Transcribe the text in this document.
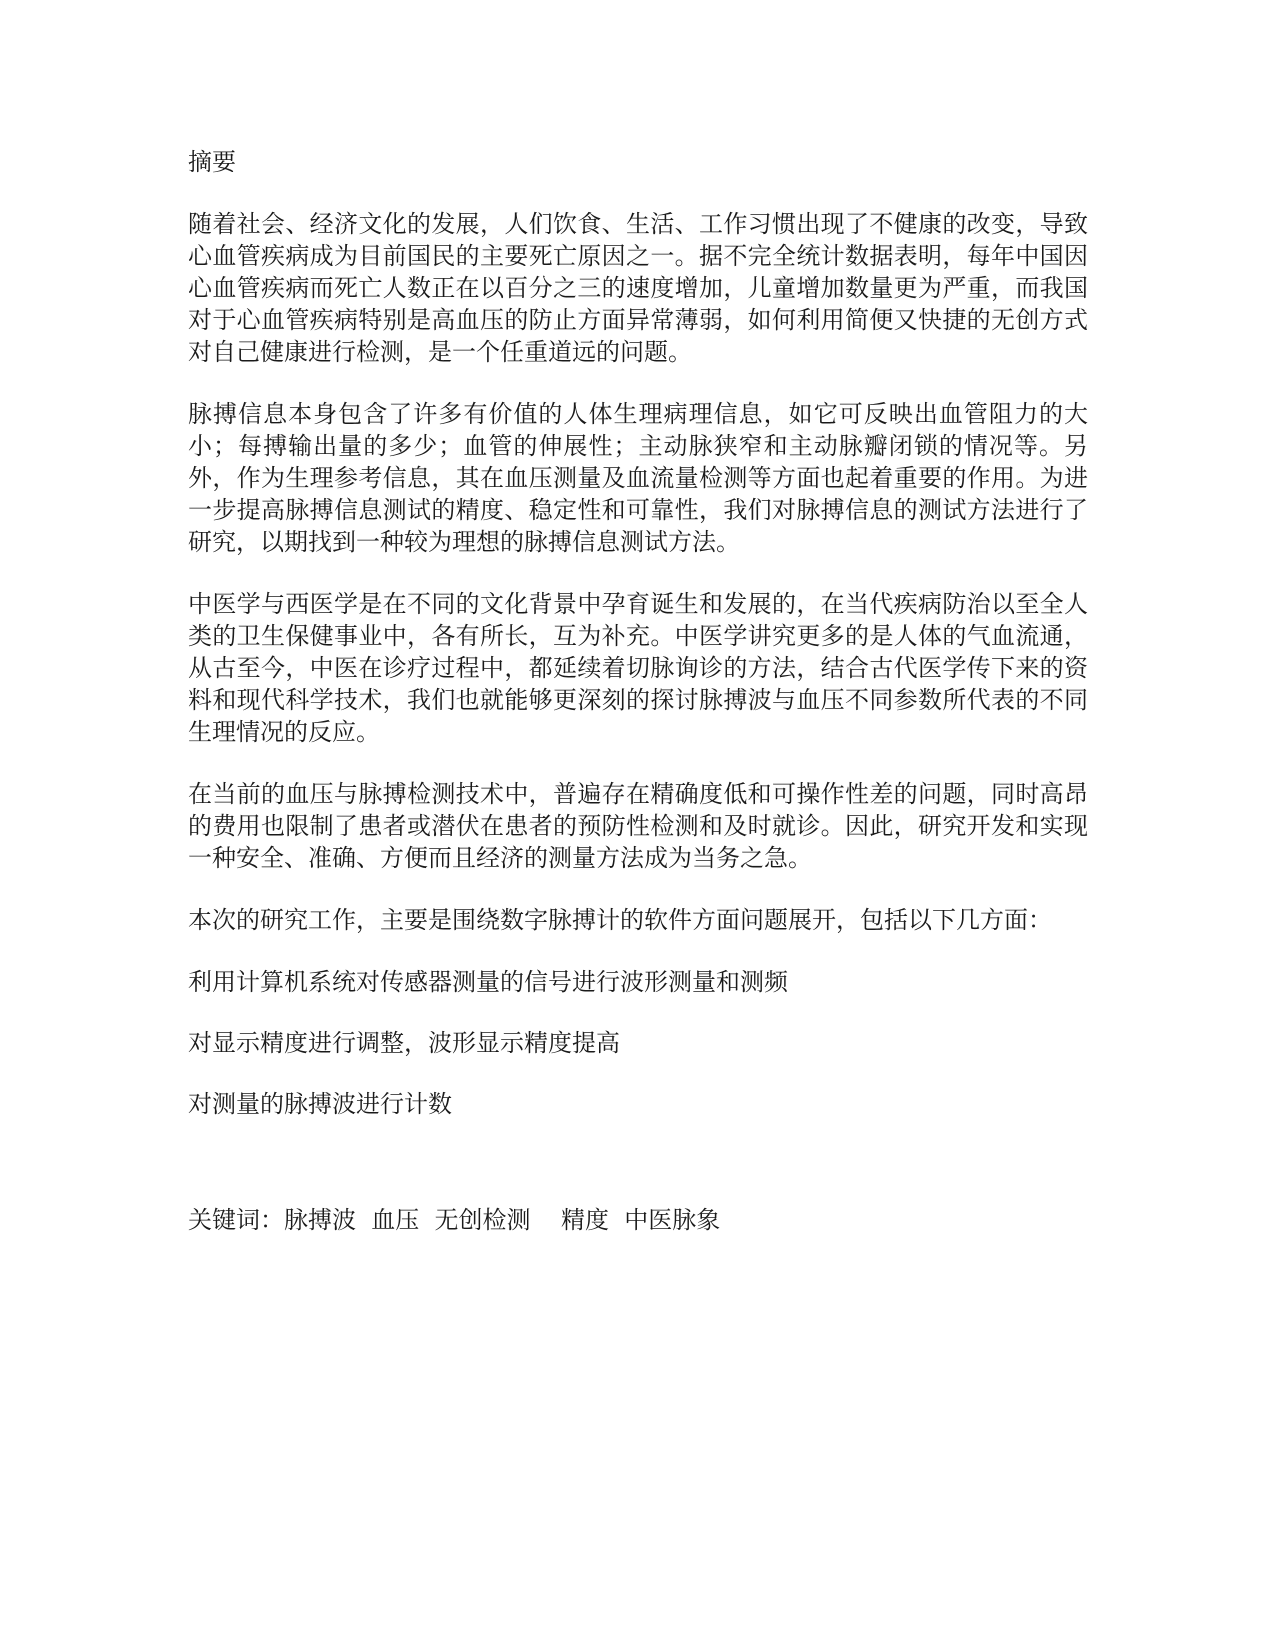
摘要

随着社会、经济文化的发展，人们饮食、生活、工作习惯出现了不健康的改变，导致心血管疾病成为目前国民的主要死亡原因之一。据不完全统计数据表明，每年中国因心血管疾病而死亡人数正在以百分之三的速度增加，儿童增加数量更为严重，而我国对于心血管疾病特别是高血压的防止方面异常薄弱，如何利用简便又快捷的无创方式对自己健康进行检测，是一个任重道远的问题。

脉搏信息本身包含了许多有价值的人体生理病理信息，如它可反映出血管阻力的大小；每搏输出量的多少；血管的伸展性；主动脉狭窄和主动脉瓣闭锁的情况等。另外，作为生理参考信息，其在血压测量及血流量检测等方面也起着重要的作用。为进一步提高脉搏信息测试的精度、稳定性和可靠性，我们对脉搏信息的测试方法进行了研究，以期找到一种较为理想的脉搏信息测试方法。

中医学与西医学是在不同的文化背景中孕育诞生和发展的，在当代疾病防治以至全人类的卫生保健事业中，各有所长，互为补充。中医学讲究更多的是人体的气血流通，从古至今，中医在诊疗过程中，都延续着切脉询诊的方法，结合古代医学传下来的资料和现代科学技术，我们也就能够更深刻的探讨脉搏波与血压不同参数所代表的不同生理情况的反应。

在当前的血压与脉搏检测技术中，普遍存在精确度低和可操作性差的问题，同时高昂的费用也限制了患者或潜伏在患者的预防性检测和及时就诊。因此，研究开发和实现一种安全、准确、方便而且经济的测量方法成为当务之急。

本次的研究工作，主要是围绕数字脉搏计的软件方面问题展开，包括以下几方面：

利用计算机系统对传感器测量的信号进行波形测量和测频

对显示精度进行调整，波形显示精度提高

对测量的脉搏波进行计数

关键词：脉搏波  血压  无创检测    精度  中医脉象
